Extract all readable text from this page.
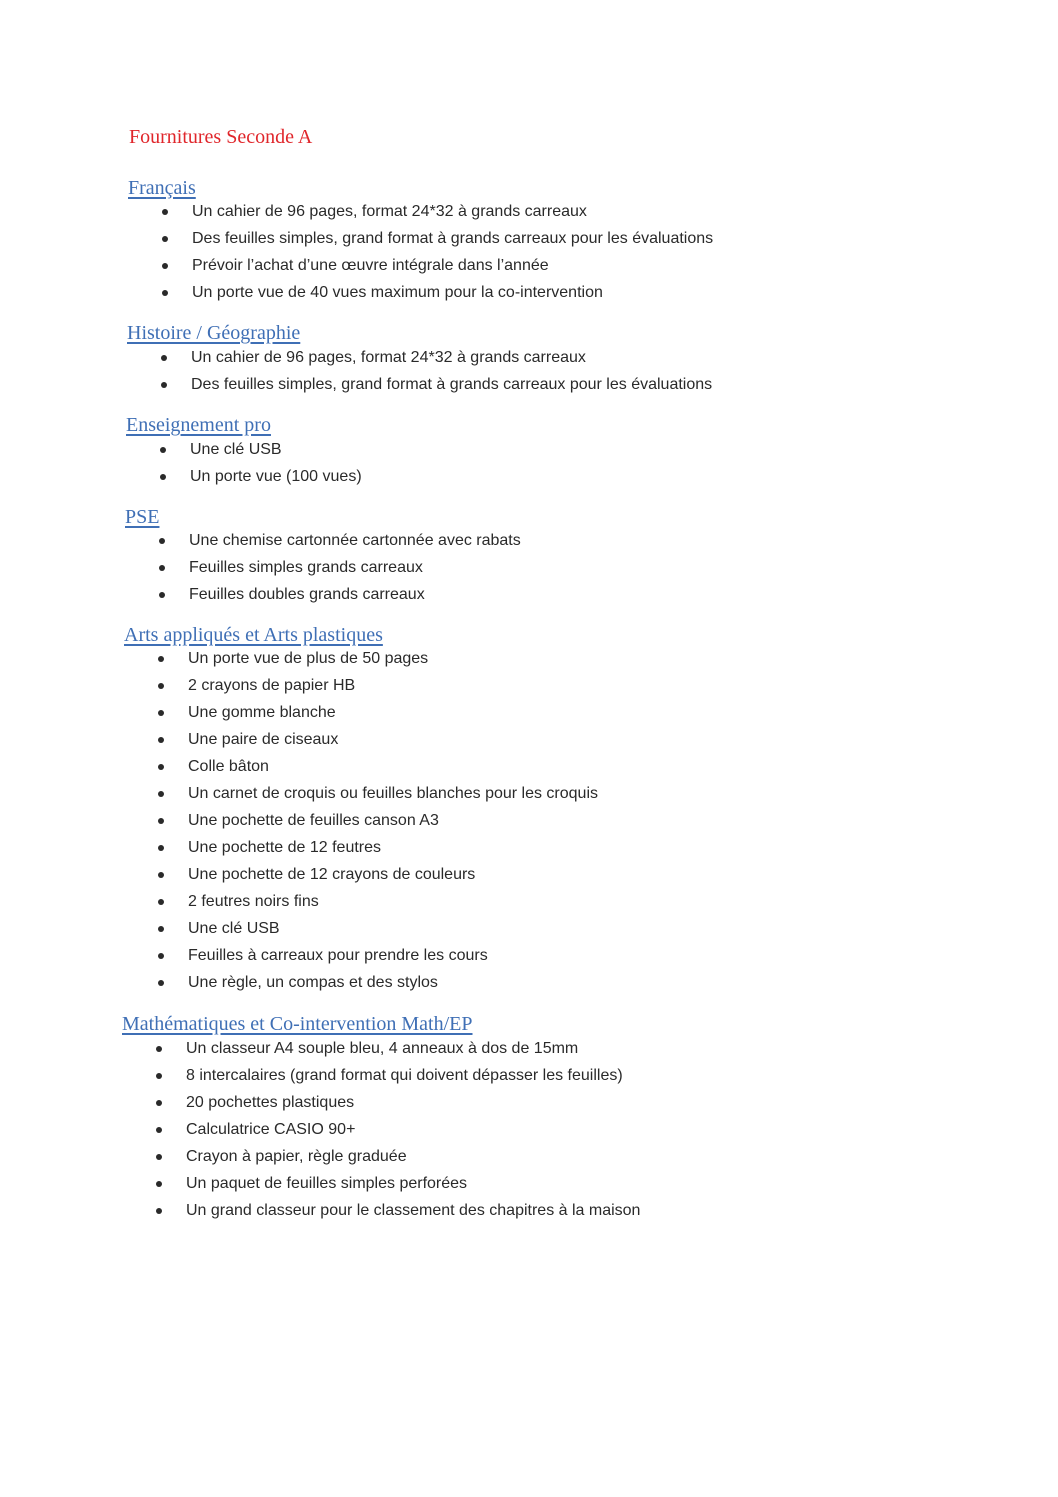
Fournitures Seconde A
Français
Un cahier de 96 pages, format 24*32 à grands carreaux
Des feuilles simples, grand format à grands carreaux pour les évaluations
Prévoir l’achat d’une œuvre intégrale dans l’année
Un porte vue de 40 vues maximum pour la co-intervention
Histoire / Géographie
Un cahier de 96 pages, format 24*32 à grands carreaux
Des feuilles simples, grand format à grands carreaux pour les évaluations
Enseignement pro
Une clé USB
Un porte vue (100 vues)
PSE
Une chemise cartonnée cartonnée avec rabats
Feuilles simples grands carreaux
Feuilles doubles grands carreaux
Arts appliqués et Arts plastiques
Un porte vue de plus de 50 pages
2 crayons de papier HB
Une gomme blanche
Une paire de ciseaux
Colle bâton
Un carnet de croquis ou feuilles blanches pour les croquis
Une pochette de feuilles canson A3
Une pochette de 12 feutres
Une pochette de 12 crayons de couleurs
2 feutres noirs fins
Une clé USB
Feuilles à carreaux pour prendre les cours
Une règle, un compas et des stylos
Mathématiques et Co-intervention Math/EP
Un classeur A4 souple bleu, 4 anneaux à dos de 15mm
8 intercalaires (grand format qui doivent dépasser les feuilles)
20 pochettes plastiques
Calculatrice CASIO 90+
Crayon à papier, règle graduée
Un paquet de feuilles simples perforées
Un grand classeur pour le classement des chapitres à la maison
